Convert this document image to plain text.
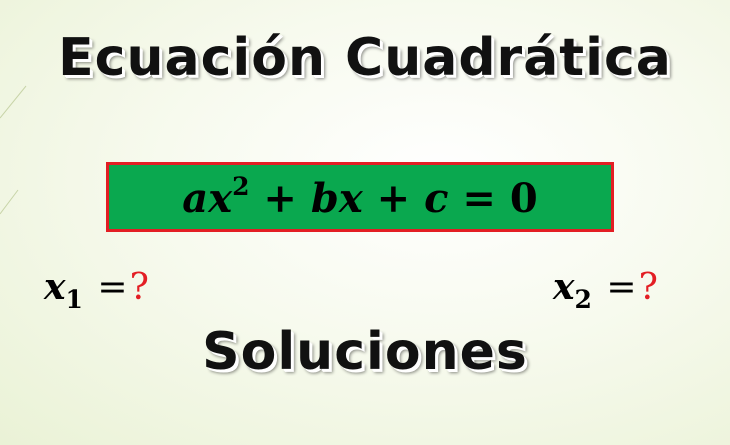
Ecuación Cuadrática
$ax^2$ + bx + c = 0
$x_1$ =?	$x_2$ =?
Soluciones
